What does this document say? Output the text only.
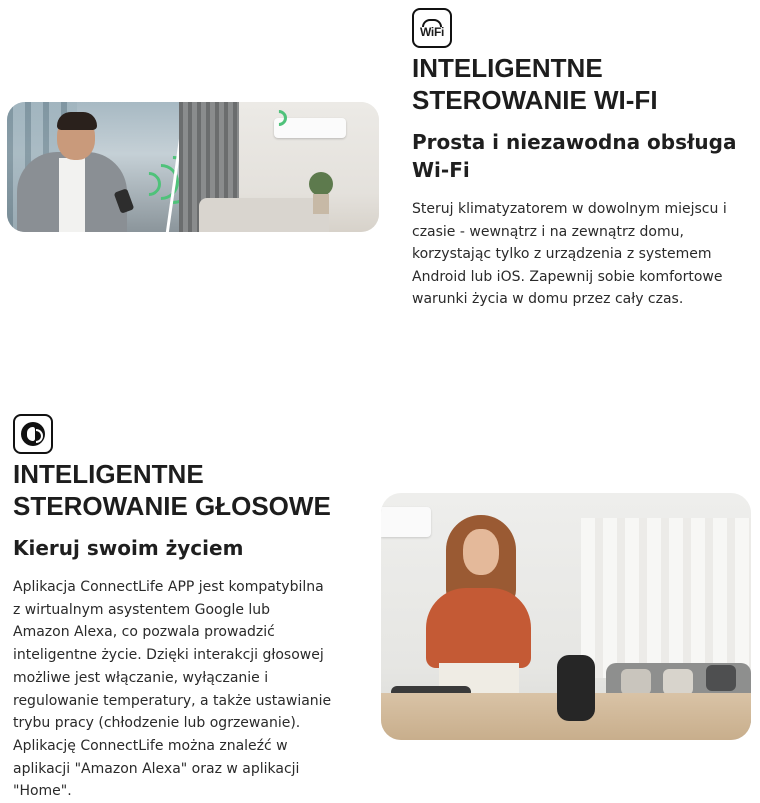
WiFi
INTELIGENTNE
STEROWANIE WI-FI
Prosta i niezawodna obsługa
Wi-Fi

Steruj klimatyzatorem w dowolnym miejscu i
czasie - wewnątrz i na zewnątrz domu,
korzystając tylko z urządzenia z systemem
Android lub iOS. Zapewnij sobie komfortowe
warunki życia w domu przez cały czas.

INTELIGENTNE
STEROWANIE GŁOSOWE
Kieruj swoim życiem

Aplikacja ConnectLife APP jest kompatybilna
z wirtualnym asystentem Google lub
Amazon Alexa, co pozwala prowadzić
inteligentne życie. Dzięki interakcji głosowej
możliwe jest włączanie, wyłączanie i
regulowanie temperatury, a także ustawianie
trybu pracy (chłodzenie lub ogrzewanie).
Aplikację ConnectLife można znaleźć w
aplikacji "Amazon Alexa" oraz w aplikacji
"Home".
